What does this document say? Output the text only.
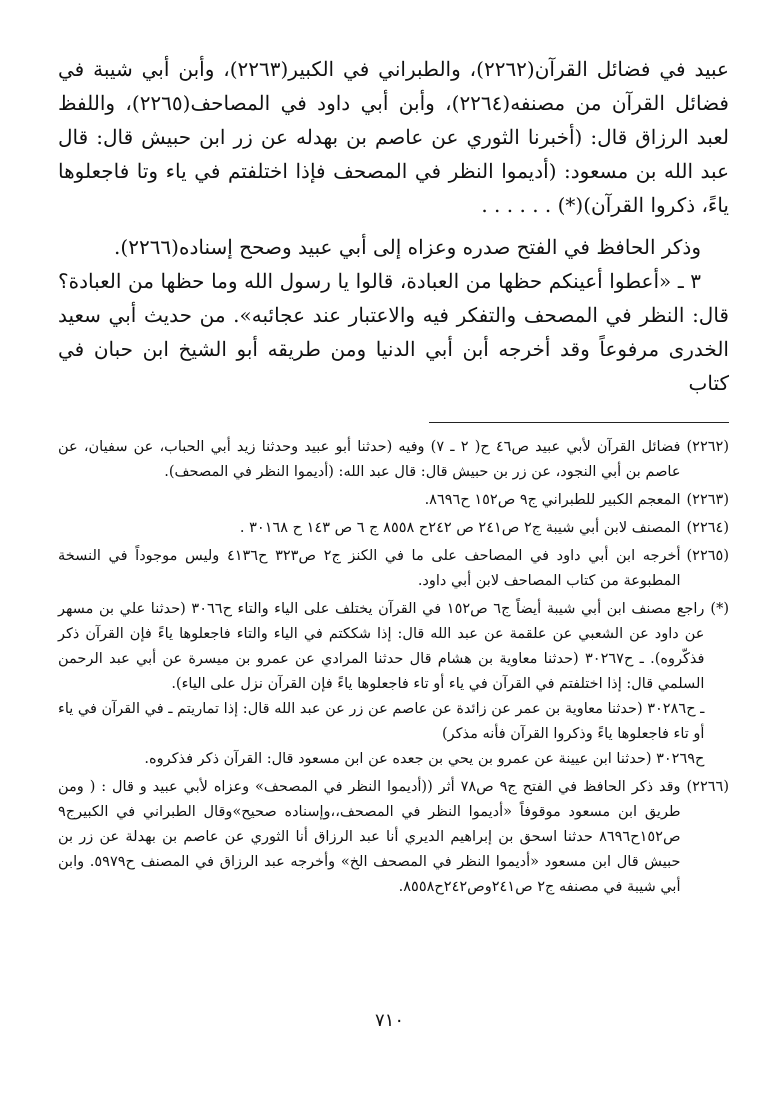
عبيد في فضائل القرآن(٢٢٦٢)، والطبراني في الكبير(٢٢٦٣)، وأبن أبي شيبة في فضائل القرآن من مصنفه(٢٢٦٤)، وأبن أبي داود في المصاحف(٢٢٦٥)، واللفظ لعبد الرزاق قال: (أخبرنا الثوري عن عاصم بن بهدله عن زر ابن حبيش قال: قال عبد الله بن مسعود: (أديموا النظر في المصحف فإذا اختلفتم في ياء وتا فاجعلوها ياءً، ذكروا القرآن)(*) . . . . . .

وذكر الحافظ في الفتح صدره وعزاه إلى أبي عبيد وصحح إسناده(٢٢٦٦).

٣ ـ «أعطوا أعينكم حظها من العبادة، قالوا يا رسول الله وما حظها من العبادة؟ قال: النظر في المصحف والتفكر فيه والاعتبار عند عجائبه». من حديث أبي سعيد الخدرى مرفوعاً وقد أخرجه أبن أبي الدنيا ومن طريقه أبو الشيخ ابن حبان في كتاب

(٢٢٦٢)

فضائل القرآن لأبي عبيد ص٤٦ ح( ٢ ـ ٧) وفيه (حدثنا أبو عبيد وحدثنا زيد أبي الحباب، عن سفيان، عن عاصم بن أبي النجود، عن زر بن حبيش قال: قال عبد الله: (أديموا النظر في المصحف).

(٢٢٦٣)

المعجم الكبير للطبراني ج٩ ص١٥٢ ح٨٦٩٦.

(٢٢٦٤)

المصنف لابن أبي شيبة ج٢ ص٢٤١ ص ٢٤٢ح ٨٥٥٨ ج ٦ ص ١٤٣ ح ٣٠١٦٨ .

(٢٢٦٥)

أخرجه ابن أبي داود في المصاحف على ما في الكنز ج٢ ص٣٢٣ ح٤١٣٦ وليس موجوداً في النسخة المطبوعة من كتاب المصاحف لابن أبي داود.

(*)

راجع مصنف ابن أبي شيبة أيضاً ج٦ ص١٥٢ في القرآن يختلف على الياء والتاء ح٣٠٦٦ (حدثنا علي بن مسهر عن داود عن الشعبي عن علقمة عن عبد الله قال: إذا شككتم في الياء والتاء فاجعلوها ياءً فإن القرآن ذكر فذكّروه). ـ ح٣٠٢٦٧ (حدثنا معاوية بن هشام قال حدثنا المرادي عن عمرو بن ميسرة عن أبي عبد الرحمن السلمي قال: إذا اختلفتم في القرآن في ياء أو تاء فاجعلوها ياءً فإن القرآن نزل على الياء).

ـ ح٣٠٢٨٦ (حدثنا معاوية بن عمر عن زائدة عن عاصم عن زر عن عبد الله قال: إذا تماريتم ـ في القرآن في ياء أو تاء فاجعلوها ياءً وذكروا القرآن فأنه مذكر)

ح٣٠٢٦٩ (حدثنا ابن عيينة عن عمرو بن يحي بن جعده عن ابن مسعود قال: القرآن ذكر فذكروه.

(٢٢٦٦)

وقد ذكر الحافظ في الفتح ج٩ ص٧٨ أثر ((أديموا النظر في المصحف» وعزاه لأبي عبيد و قال : ( ومن طريق ابن مسعود موقوفاً «أديموا النظر في المصحف،،وإسناده صحيح»وقال الطبراني في الكبيرج٩ ص١٥٢ح٨٦٩٦ حدثنا اسحق بن إبراهيم الديري أنا عبد الرزاق أنا الثوري عن عاصم بن بهدلة عن زر بن حبيش قال ابن مسعود «أديموا النظر في المصحف الخ» وأخرجه عبد الرزاق في المصنف ح٥٩٧٩. وابن أبي شيبة في مصنفه ج٢ ص٢٤١وص٢٤٢ح٨٥٥٨.

٧١٠
